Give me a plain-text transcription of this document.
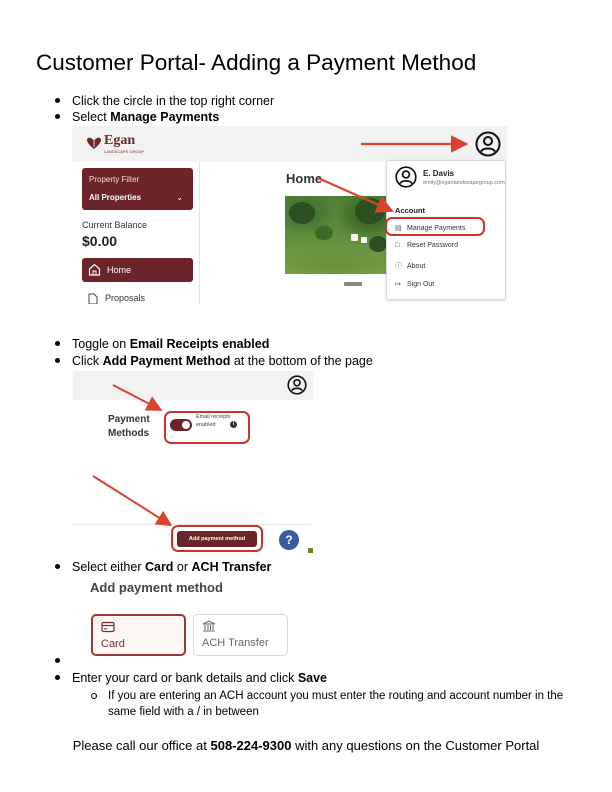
Customer Portal- Adding a Payment Method
Click the circle in the top right corner
Select Manage Payments
Egan
LANDSCAPE GROUP
Property Filter
All Properties	⌄
Current Balance
$0.00
Home
Proposals
Home	E. Davis
emily@eganlandscapegroup.com
Account
▤ Manage Payments
□ Reset Password
ⓘ About
↦ Sign Out
Toggle on Email Receipts enabled
Click Add Payment Method at the bottom of the page
Payment Methods
Email receipts enabled	i
Add payment method	?
Select either Card or ACH Transfer
Add payment method
Card	ACH Transfer
Enter your card or bank details and click Save
If you are entering an ACH account you must enter the routing and account number in the same field with a / in between
Please call our office at 508-224-9300 with any questions on the Customer Portal
